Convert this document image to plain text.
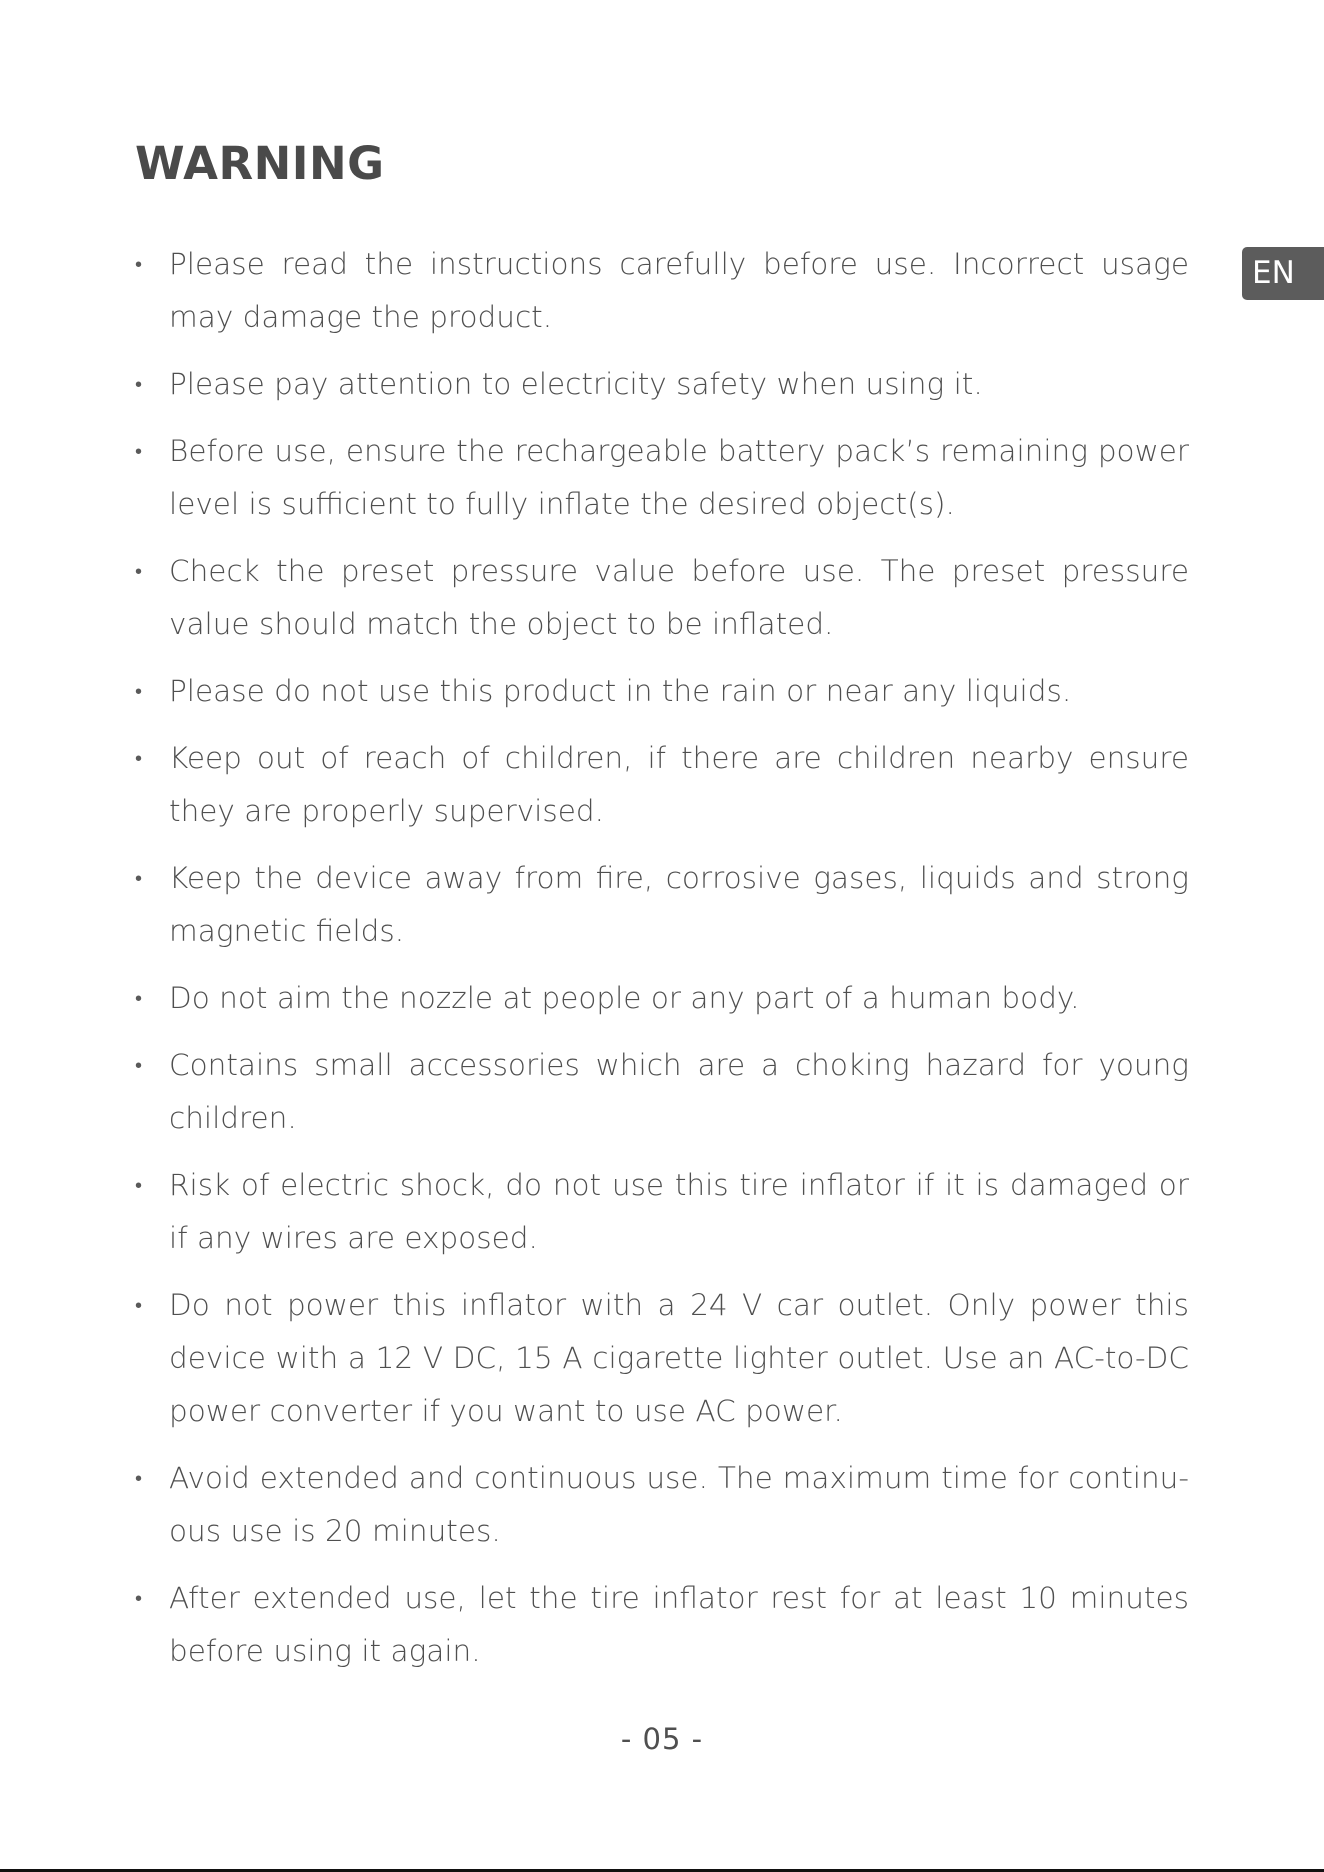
WARNING
EN
• Please read the instructions carefully before use. Incorrect usage may damage the product.
• Please pay attention to electricity safety when using it.
• Before use, ensure the rechargeable battery pack’s remaining power level is sufficient to fully inflate the desired object(s).
• Check the preset pressure value before use. The preset pressure value should match the object to be inflated.
• Please do not use this product in the rain or near any liquids.
• Keep out of reach of children, if there are children nearby ensure they are properly supervised.
• Keep the device away from fire, corrosive gases, liquids and strong magnetic fields.
• Do not aim the nozzle at people or any part of a human body.
• Contains small accessories which are a choking hazard for young children.
• Risk of electric shock, do not use this tire inflator if it is damaged or if any wires are exposed.
• Do not power this inflator with a 24 V car outlet. Only power this device with a 12 V DC, 15 A cigarette lighter outlet. Use an AC-to-DC power converter if you want to use AC power.
• Avoid extended and continuous use. The maximum time for continu-ous use is 20 minutes.
• After extended use, let the tire inflator rest for at least 10 minutes before using it again.
- 05 -
